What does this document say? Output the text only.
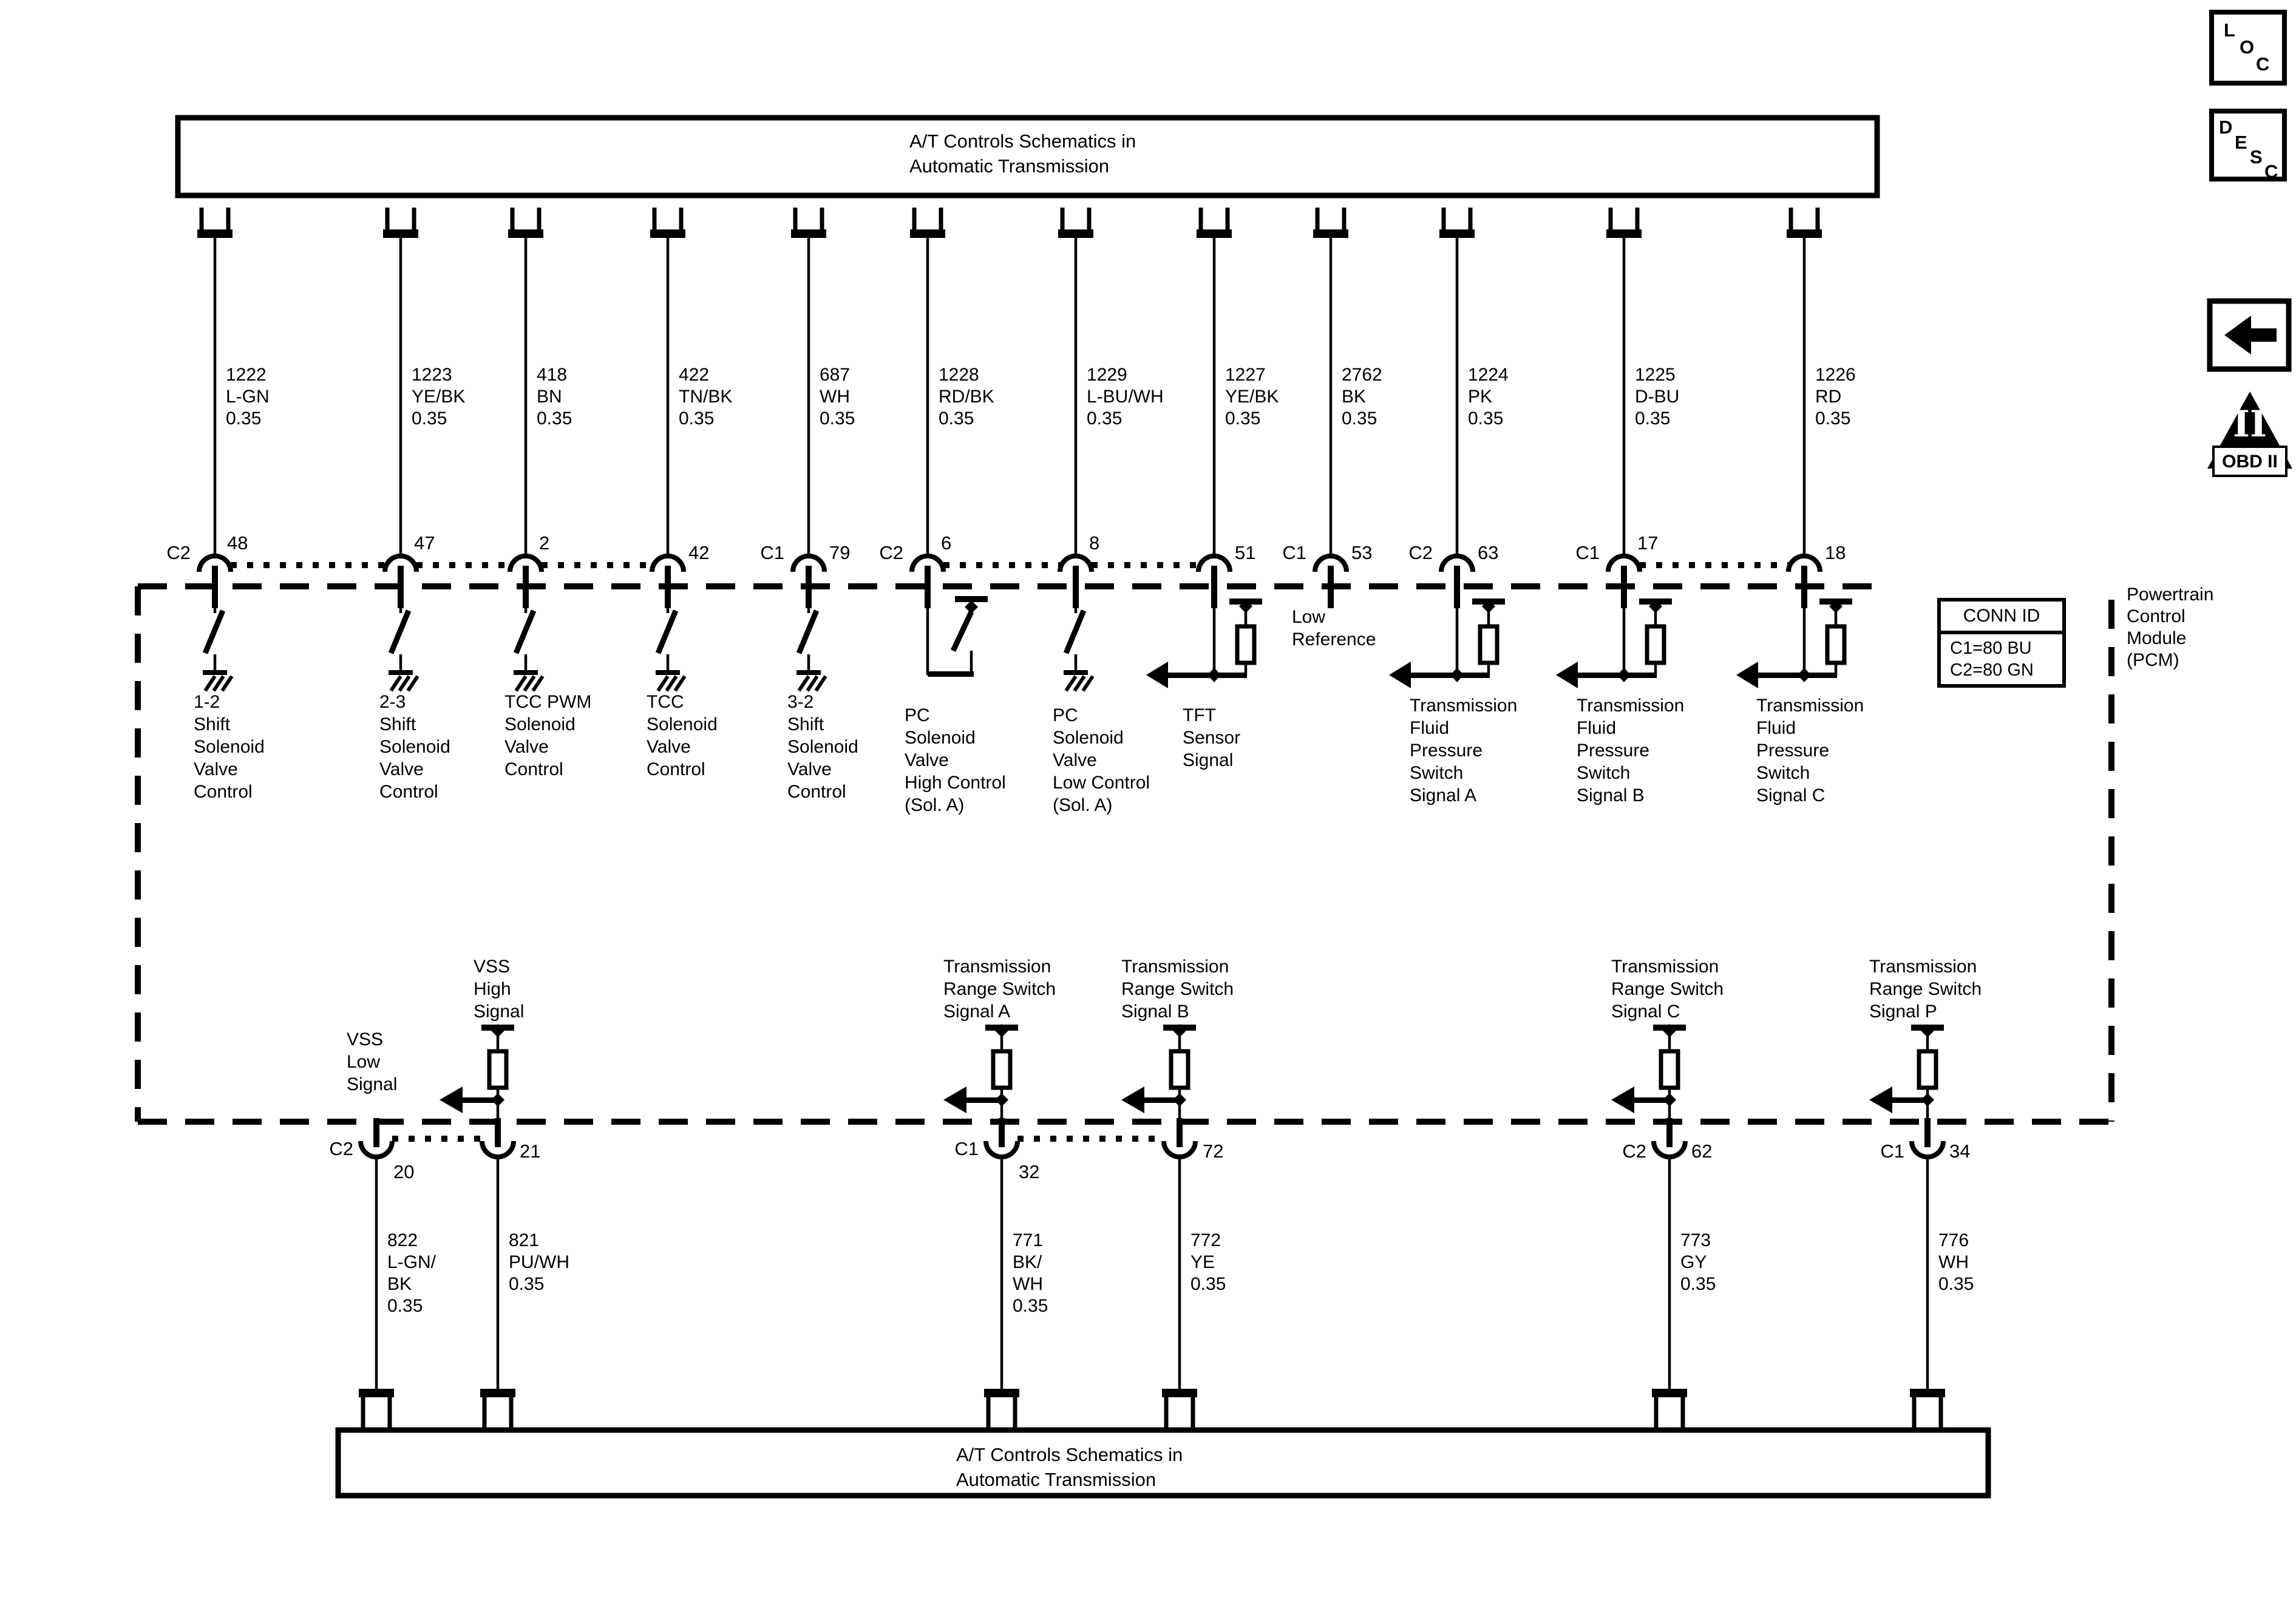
A/T Controls Schematics in
Automatic Transmission
A/T Controls Schematics in
Automatic Transmission
1222
L-GN
0.35
1223
YE/BK
0.35
418
BN
0.35
422
TN/BK
0.35
687
WH
0.35
1228
RD/BK
0.35
1229
L-BU/WH
0.35
1227
YE/BK
0.35
2762
BK
0.35
1224
PK
0.35
1225
D-BU
0.35
1226
RD
0.35
C2 48	47	2	42	C1 79	C2 6	8	51	C1 53	C2 63	C1 17	18
1-2
Shift
Solenoid
Valve
Control
2-3
Shift
Solenoid
Valve
Control
TCC PWM
Solenoid
Valve
Control
TCC
Solenoid
Valve
Control
3-2
Shift
Solenoid
Valve
Control
PC
Solenoid
Valve
High Control
(Sol. A)
PC
Solenoid
Valve
Low Control
(Sol. A)
TFT
Sensor
Signal
Low
Reference
Transmission
Fluid
Pressure
Switch
Signal A
Transmission
Fluid
Pressure
Switch
Signal B
Transmission
Fluid
Pressure
Switch
Signal C
Powertrain
Control
Module
(PCM)
CONN ID
C1=80 BU
C2=80 GN
VSS
Low
Signal
VSS
High
Signal
Transmission
Range Switch
Signal A
Transmission
Range Switch
Signal B
Transmission
Range Switch
Signal C
Transmission
Range Switch
Signal P
C2
20
21	C1
32
72	C2 62	C1 34
822
L-GN/
BK
0.35
821
PU/WH
0.35
771
BK/
WH
0.35
772
YE
0.35
773
GY
0.35
776
WH
0.35
L
O
C
D
E
S
C
II
OBD II
